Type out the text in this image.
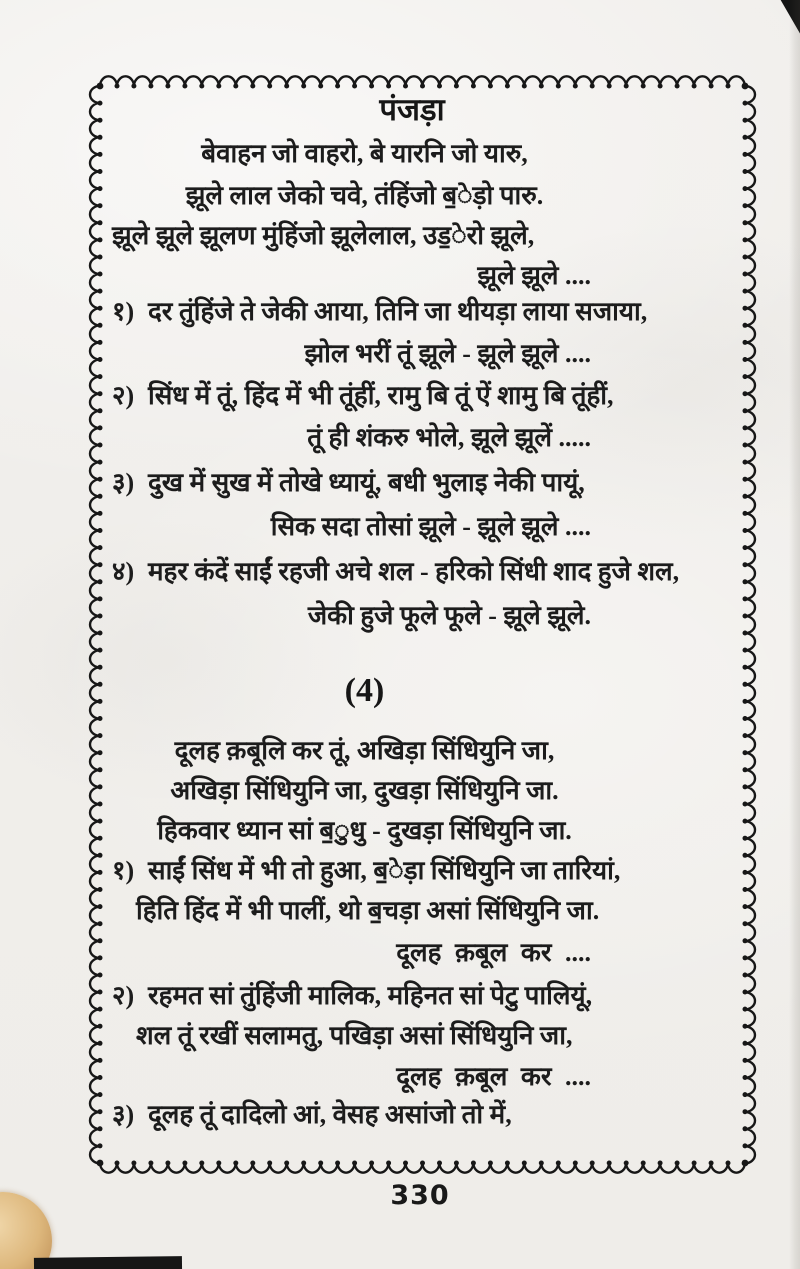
पंजड़ा
बेवाहन जो वाहरो, बे यारनि जो यारु,
झूले लाल जेको चवे, तंहिंजो ब॒ेड़ो पारु.
झूले झूले झूलण मुंहिंजो झूलेलाल, उड॒ेरो झूले,
झूले झूले ....
१) दर तुंहिंजे ते जेकी आया, तिनि जा थीयड़ा लाया सजाया,
झोल भरीं तूं झूले - झूले झूले ....
२) सिंध में तूं, हिंद में भी तूंहीं, रामु बि तूं ऐं शामु बि तूंहीं,
तूं ही शंकरु भोले, झूले झूलें .....
३) दुख में सुख में तोखे ध्यायूं, बधी भुलाइ नेकी पायूं,
सिक सदा तोसां झूले - झूले झूले ....
४) महर कंदें साईं रहजी अचे शल - हरिको सिंधी शाद हुजे शल,
जेकी हुजे फूले फूले - झूले झूले.
(4)
दूलह क़बूलि कर तूं, अखिड़ा सिंधियुनि जा,
अखिड़ा सिंधियुनि जा, दुखड़ा सिंधियुनि जा.
हिकवार ध्यान सां ब॒ुधु - दुखड़ा सिंधियुनि जा.
१) साईं सिंध में भी तो हुआ, ब॒ेड़ा सिंधियुनि जा तारियां,
हिति हिंद में भी पालीं, थो ब॒चड़ा असां सिंधियुनि जा.
दूलह क़बूल कर ....
२) रहमत सां तुंहिंजी मालिक, महिनत सां पेटु पालियूं,
शल तूं रखीं सलामतु, पखिड़ा असां सिंधियुनि जा,
दूलह क़बूल कर ....
३) दूलह तूं दादिलो आं, वेसह असांजो तो में,
330
